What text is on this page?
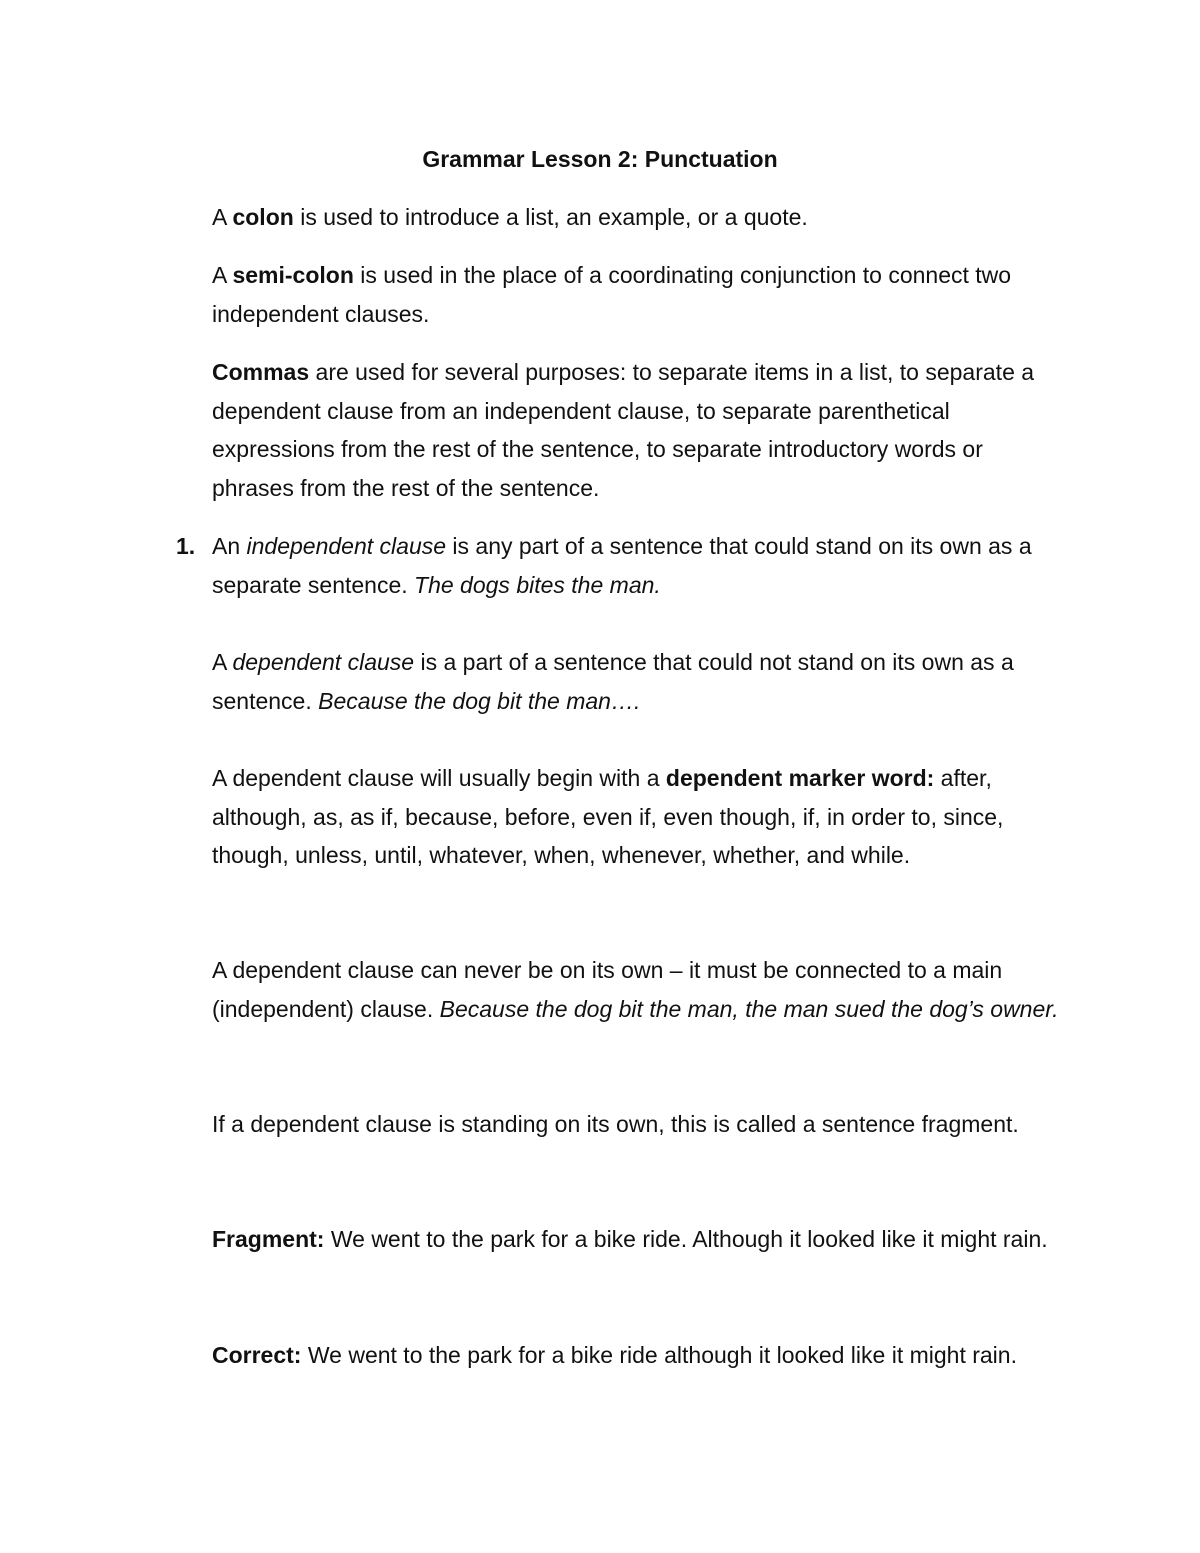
Grammar Lesson 2: Punctuation
A colon is used to introduce a list, an example, or a quote.
A semi-colon is used in the place of a coordinating conjunction to connect two independent clauses.
Commas are used for several purposes: to separate items in a list, to separate a dependent clause from an independent clause, to separate parenthetical expressions from the rest of the sentence, to separate introductory words or phrases from the rest of the sentence.
1. An independent clause is any part of a sentence that could stand on its own as a separate sentence. The dogs bites the man.
A dependent clause is a part of a sentence that could not stand on its own as a sentence. Because the dog bit the man….
A dependent clause will usually begin with a dependent marker word: after, although, as, as if, because, before, even if, even though, if, in order to, since, though, unless, until, whatever, when, whenever, whether, and while.
A dependent clause can never be on its own – it must be connected to a main (independent) clause. Because the dog bit the man, the man sued the dog’s owner.
If a dependent clause is standing on its own, this is called a sentence fragment.
Fragment: We went to the park for a bike ride. Although it looked like it might rain.
Correct: We went to the park for a bike ride although it looked like it might rain.
